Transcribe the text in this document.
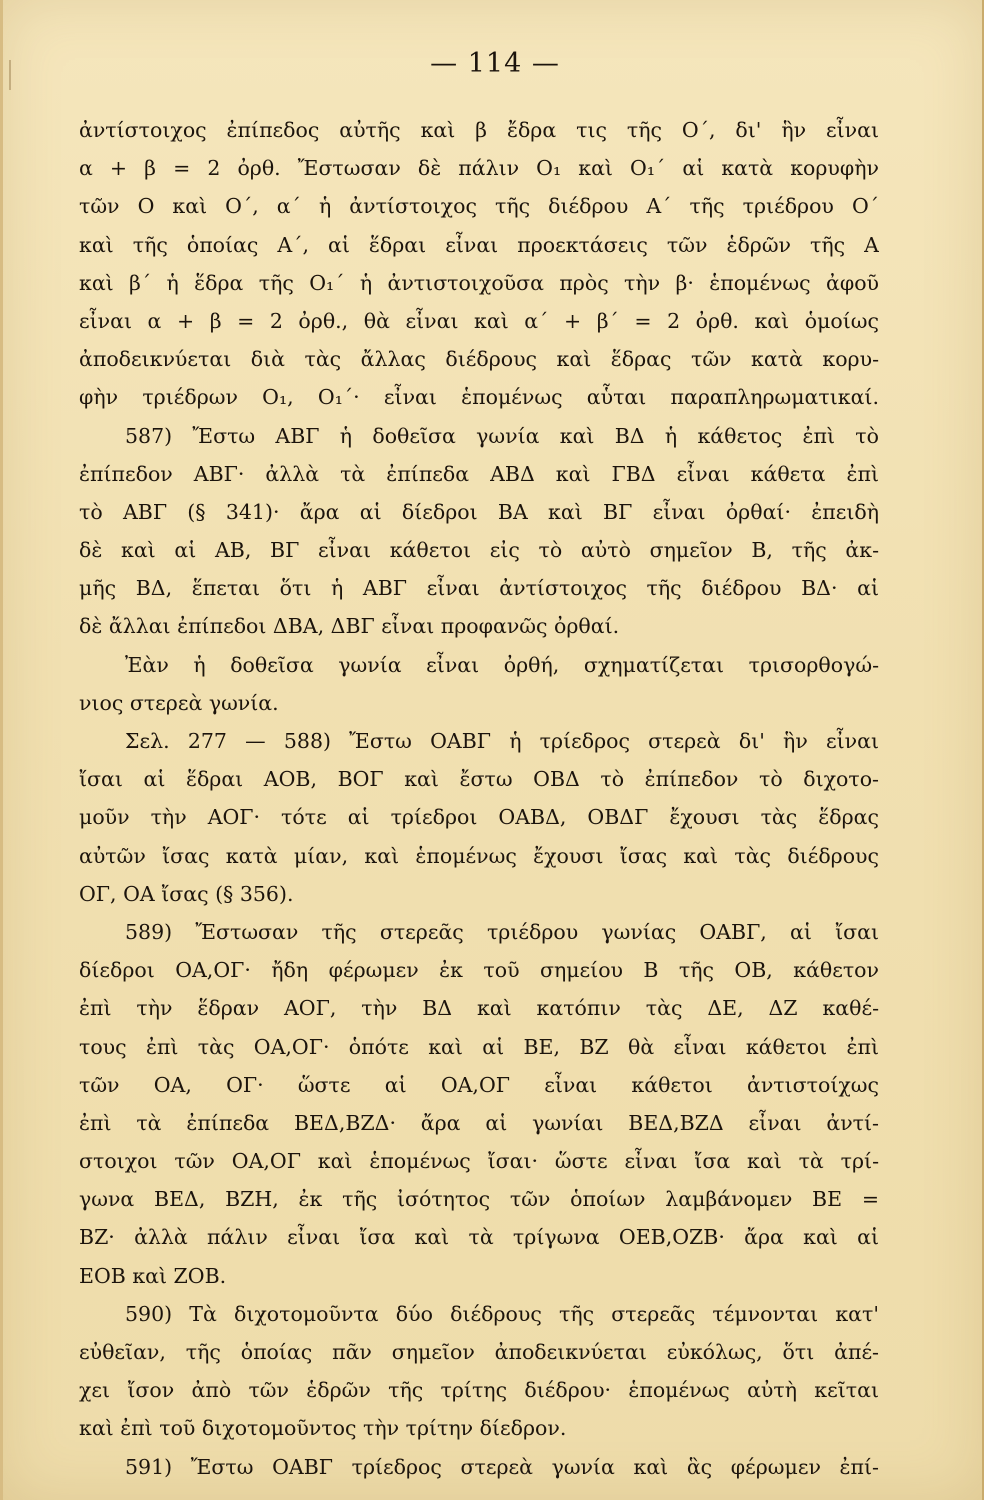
— 114 —
ἀντίστοιχος ἐπίπεδος αὐτῆς καὶ β ἔδρα τις τῆς Ο΄, δι' ἣν εἶναι
α + β = 2 ὀρθ. Ἔστωσαν δὲ πάλιν Ο₁ καὶ Ο₁΄ αἱ κατὰ κορυφὴν
τῶν Ο καὶ Ο΄, α΄ ἡ ἀντίστοιχος τῆς διέδρου Α΄ τῆς τριέδρου Ο΄
καὶ τῆς ὁποίας Α΄, αἱ ἕδραι εἶναι προεκτάσεις τῶν ἑδρῶν τῆς Α
καὶ β΄ ἡ ἕδρα τῆς Ο₁΄ ἡ ἀντιστοιχοῦσα πρὸς τὴν β· ἑπομένως ἀφοῦ
εἶναι α + β = 2 ὀρθ., θὰ εἶναι καὶ α΄ + β΄ = 2 ὀρθ. καὶ ὁμοίως
ἀποδεικνύεται διὰ τὰς ἄλλας διέδρους καὶ ἕδρας τῶν κατὰ κορυ-
φὴν τριέδρων Ο₁, Ο₁΄· εἶναι ἑπομένως αὗται παραπληρωματικαί.
587) Ἔστω ΑΒΓ ἡ δοθεῖσα γωνία καὶ ΒΔ ἡ κάθετος ἐπὶ τὸ
ἐπίπεδον ΑΒΓ· ἀλλὰ τὰ ἐπίπεδα ΑΒΔ καὶ ΓΒΔ εἶναι κάθετα ἐπὶ
τὸ ΑΒΓ (§ 341)· ἄρα αἱ δίεδροι ΒΑ καὶ ΒΓ εἶναι ὀρθαί· ἐπειδὴ
δὲ καὶ αἱ ΑΒ, ΒΓ εἶναι κάθετοι εἰς τὸ αὐτὸ σημεῖον Β, τῆς ἀκ-
μῆς ΒΔ, ἕπεται ὅτι ἡ ΑΒΓ εἶναι ἀντίστοιχος τῆς διέδρου ΒΔ· αἱ
δὲ ἄλλαι ἐπίπεδοι ΔΒΑ, ΔΒΓ εἶναι προφανῶς ὀρθαί.
Ἐὰν ἡ δοθεῖσα γωνία εἶναι ὀρθή, σχηματίζεται τρισορθογώ-
νιος στερεὰ γωνία.
Σελ. 277 — 588) Ἔστω ΟΑΒΓ ἡ τρίεδρος στερεὰ δι' ἣν εἶναι
ἴσαι αἱ ἕδραι ΑΟΒ, ΒΟΓ καὶ ἔστω ΟΒΔ τὸ ἐπίπεδον τὸ διχοτο-
μοῦν τὴν ΑΟΓ· τότε αἱ τρίεδροι ΟΑΒΔ, ΟΒΔΓ ἔχουσι τὰς ἕδρας
αὐτῶν ἴσας κατὰ μίαν, καὶ ἑπομένως ἔχουσι ἴσας καὶ τὰς διέδρους
ΟΓ, ΟΑ ἴσας (§ 356).
589) Ἔστωσαν τῆς στερεᾶς τριέδρου γωνίας ΟΑΒΓ, αἱ ἴσαι
δίεδροι ΟΑ,ΟΓ· ἤδη φέρωμεν ἐκ τοῦ σημείου Β τῆς ΟΒ, κάθετον
ἐπὶ τὴν ἕδραν ΑΟΓ, τὴν ΒΔ καὶ κατόπιν τὰς ΔΕ, ΔΖ καθέ-
τους ἐπὶ τὰς ΟΑ,ΟΓ· ὁπότε καὶ αἱ ΒΕ, ΒΖ θὰ εἶναι κάθετοι ἐπὶ
τῶν ΟΑ, ΟΓ· ὥστε αἱ ΟΑ,ΟΓ εἶναι κάθετοι ἀντιστοίχως
ἐπὶ τὰ ἐπίπεδα ΒΕΔ,ΒΖΔ· ἄρα αἱ γωνίαι ΒΕΔ,ΒΖΔ εἶναι ἀντί-
στοιχοι τῶν ΟΑ,ΟΓ καὶ ἑπομένως ἴσαι· ὥστε εἶναι ἴσα καὶ τὰ τρί-
γωνα ΒΕΔ, ΒΖΗ, ἐκ τῆς ἰσότητος τῶν ὁποίων λαμβάνομεν ΒΕ =
ΒΖ· ἀλλὰ πάλιν εἶναι ἴσα καὶ τὰ τρίγωνα ΟΕΒ,ΟΖΒ· ἄρα καὶ αἱ
ΕΟΒ καὶ ΖΟΒ.
590) Τὰ διχοτομοῦντα δύο διέδρους τῆς στερεᾶς τέμνονται κατ'
εὐθεῖαν, τῆς ὁποίας πᾶν σημεῖον ἀποδεικνύεται εὐκόλως, ὅτι ἀπέ-
χει ἴσον ἀπὸ τῶν ἑδρῶν τῆς τρίτης διέδρου· ἑπομένως αὐτὴ κεῖται
καὶ ἐπὶ τοῦ διχοτομοῦντος τὴν τρίτην δίεδρον.
591) Ἔστω ΟΑΒΓ τρίεδρος στερεὰ γωνία καὶ ἃς φέρωμεν ἐπί-
